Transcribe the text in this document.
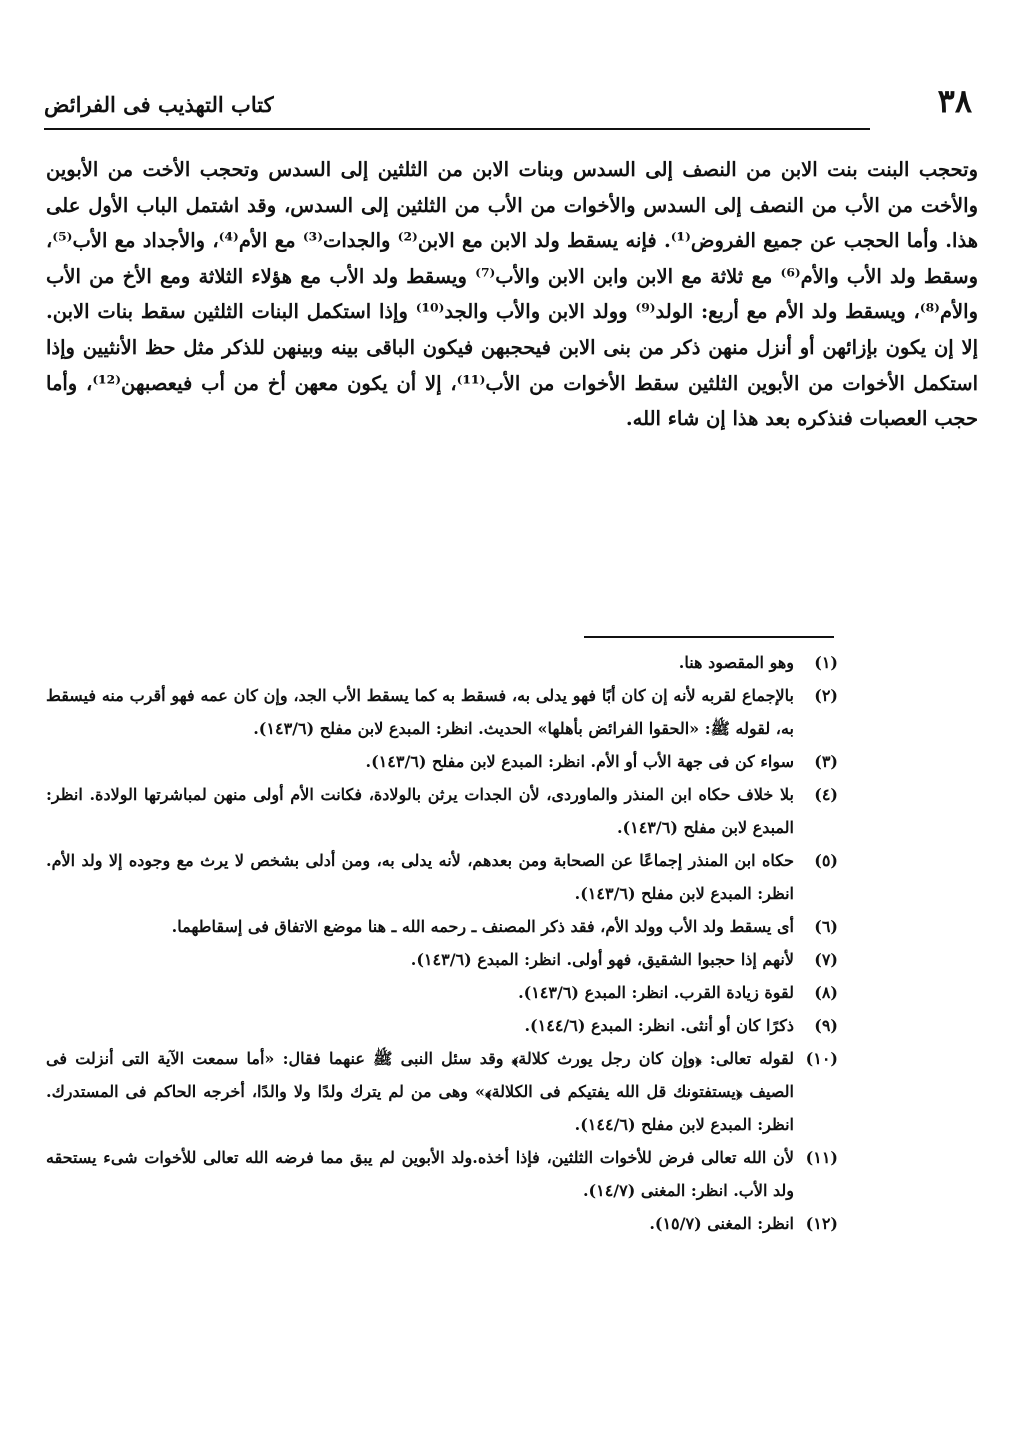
٣٨
كتاب التهذيب فى الفرائض

وتحجب البنت بنت الابن من النصف إلى السدس وبنات الابن من الثلثين إلى السدس وتحجب الأخت من الأبوين والأخت من الأب من النصف إلى السدس والأخوات من الأب من الثلثين إلى السدس، وقد اشتمل الباب الأول على هذا. وأما الحجب عن جميع الفروض⁽¹⁾. فإنه يسقط ولد الابن مع الابن⁽²⁾ والجدات⁽³⁾ مع الأم⁽⁴⁾، والأجداد مع الأب⁽⁵⁾، وسقط ولد الأب والأم⁽⁶⁾ مع ثلاثة مع الابن وابن الابن والأب⁽⁷⁾ ويسقط ولد الأب مع هؤلاء الثلاثة ومع الأخ من الأب والأم⁽⁸⁾، ويسقط ولد الأم مع أربع: الولد⁽⁹⁾ وولد الابن والأب والجد⁽¹⁰⁾ وإذا استكمل البنات الثلثين سقط بنات الابن. إلا إن يكون بإزائهن أو أنزل منهن ذكر من بنى الابن فيحجبهن فيكون الباقى بينه وبينهن للذكر مثل حظ الأنثيين وإذا استكمل الأخوات من الأبوين الثلثين سقط الأخوات من الأب⁽¹¹⁾، إلا أن يكون معهن أخ من أب فيعصبهن⁽¹²⁾، وأما حجب العصبات فنذكره بعد هذا إن شاء الله.

(١)
وهو المقصود هنا.

(٢)
بالإجماع لقربه لأنه إن كان أبًا فهو يدلى به، فسقط به كما يسقط الأب الجد، وإن كان عمه فهو أقرب منه فيسقط به، لقوله ﷺ: «الحقوا الفرائض بأهلها» الحديث. انظر: المبدع لابن مفلح (١٤٣/٦).

(٣)
سواء كن فى جهة الأب أو الأم. انظر: المبدع لابن مفلح (١٤٣/٦).

(٤)
بلا خلاف حكاه ابن المنذر والماوردى، لأن الجدات يرثن بالولادة، فكانت الأم أولى منهن لمباشرتها الولادة. انظر: المبدع لابن مفلح (١٤٣/٦).

(٥)
حكاه ابن المنذر إجماعًا عن الصحابة ومن بعدهم، لأنه يدلى به، ومن أدلى بشخص لا يرث مع وجوده إلا ولد الأم. انظر: المبدع لابن مفلح (١٤٣/٦).

(٦)
أى يسقط ولد الأب وولد الأم، فقد ذكر المصنف ـ رحمه الله ـ هنا موضع الاتفاق فى إسقاطهما.

(٧)
لأنهم إذا حجبوا الشقيق، فهو أولى. انظر: المبدع (١٤٣/٦).

(٨)
لقوة زيادة القرب. انظر: المبدع (١٤٣/٦).

(٩)
ذكرًا كان أو أنثى. انظر: المبدع (١٤٤/٦).

(١٠)
لقوله تعالى: ﴿وإن كان رجل يورث كلالة﴾ وقد سئل النبى ﷺ عنهما فقال: «أما سمعت الآية التى أنزلت فى الصيف ﴿يستفتونك قل الله يفتيكم فى الكلالة﴾» وهى من لم يترك ولدًا ولا والدًا، أخرجه الحاكم فى المستدرك. انظر: المبدع لابن مفلح (١٤٤/٦).

(١١)
لأن الله تعالى فرض للأخوات الثلثين، فإذا أخذه.ولد الأبوين لم يبق مما فرضه الله تعالى للأخوات شىء يستحقه ولد الأب. انظر: المغنى (١٤/٧).

(١٢)
انظر: المغنى (١٥/٧).
